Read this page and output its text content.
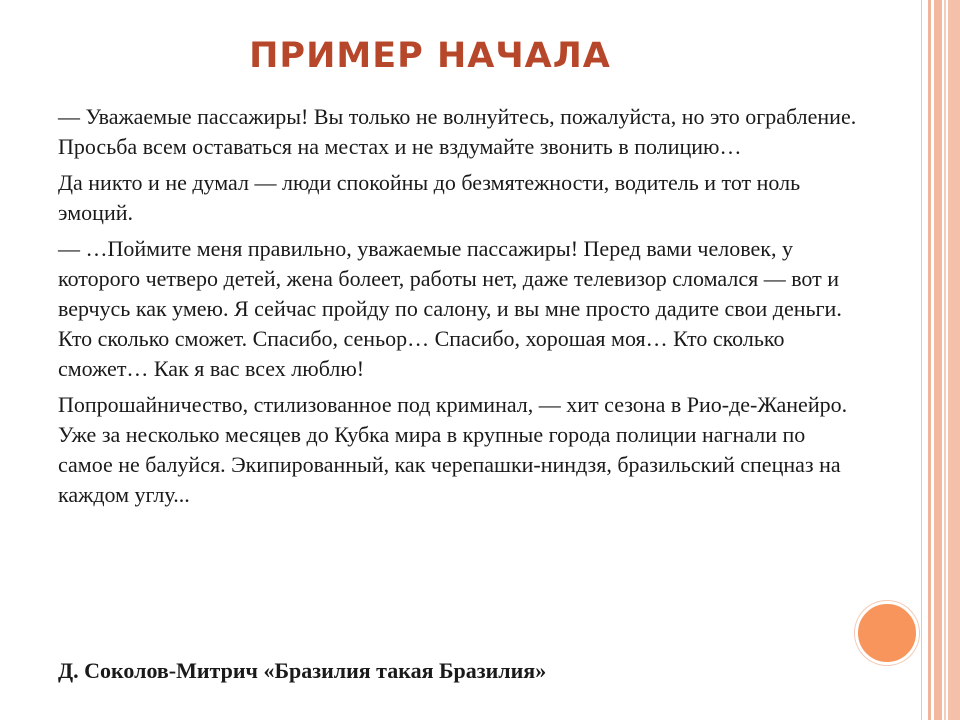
ПРИМЕР НАЧАЛА

— Уважаемые пассажиры! Вы только не волнуйтесь, пожалуйста, но это ограбление. Просьба всем оставаться на местах и не вздумайте звонить в полицию…

Да никто и не думал — люди спокойны до безмятежности, водитель и тот ноль эмоций.

— …Поймите меня правильно, уважаемые пассажиры! Перед вами человек, у которого четверо детей, жена болеет, работы нет, даже телевизор сломался — вот и верчусь как умею. Я сейчас пройду по салону, и вы мне просто дадите свои деньги. Кто сколько сможет. Спасибо, сеньор… Спасибо, хорошая моя… Кто сколько сможет… Как я вас всех люблю!

Попрошайничество, стилизованное под криминал, — хит сезона в Рио-де-Жанейро. Уже за несколько месяцев до Кубка мира в крупные города полиции нагнали по самое не балуйся. Экипированный, как черепашки-ниндзя, бразильский спецназ на каждом углу...

Д. Соколов-Митрич «Бразилия такая Бразилия»
